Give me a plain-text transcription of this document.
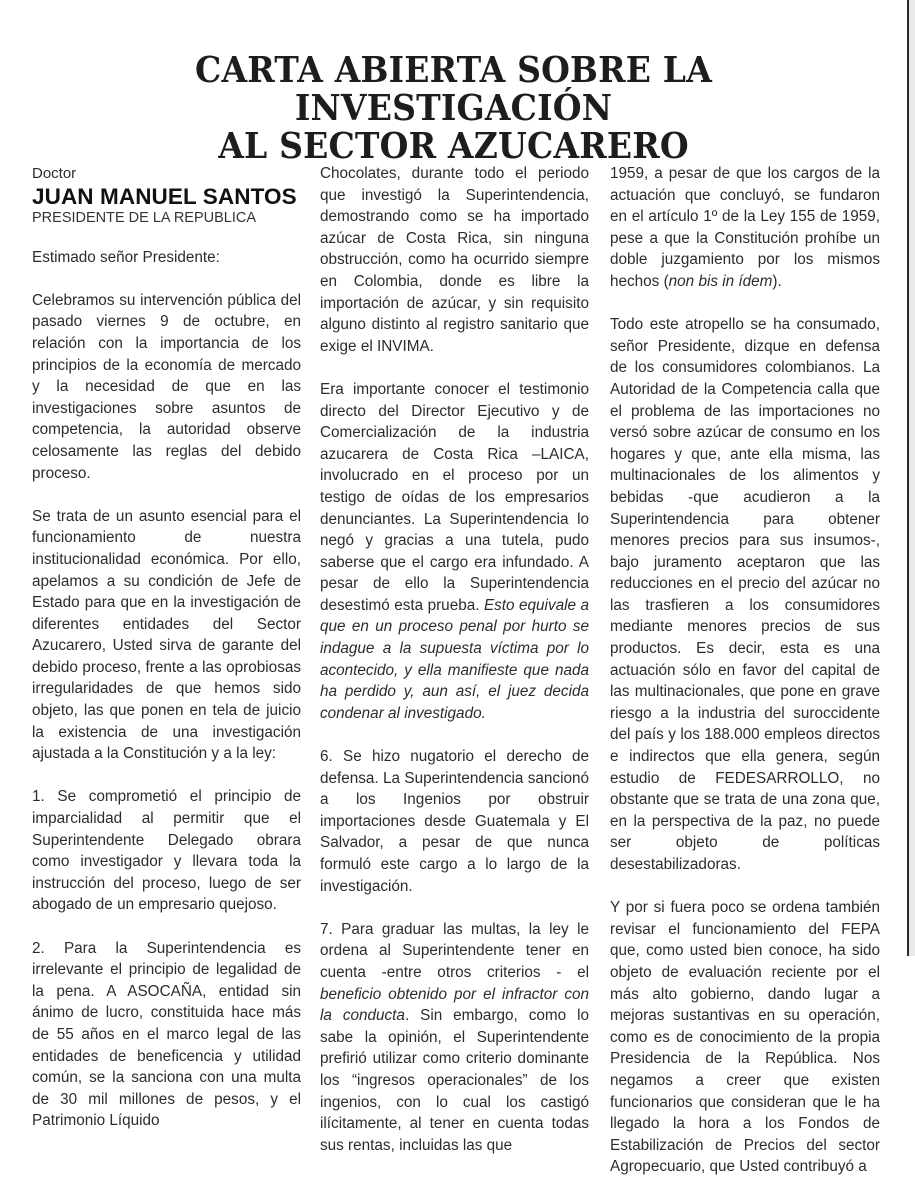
CARTA ABIERTA SOBRE LA INVESTIGACIÓN
AL SECTOR AZUCARERO
Doctor
JUAN MANUEL SANTOS
PRESIDENTE DE LA REPUBLICA

Estimado señor Presidente:

Celebramos su intervención pública del pasado viernes 9 de octubre, en relación con la importancia de los principios de la economía de mercado y la necesidad de que en las investigaciones sobre asuntos de competencia, la autoridad observe celosamente las reglas del debido proceso.

Se trata de un asunto esencial para el funcionamiento de nuestra institucionalidad económica. Por ello, apelamos a su condición de Jefe de Estado para que en la investigación de diferentes entidades del Sector Azucarero, Usted sirva de garante del debido proceso, frente a las oprobiosas irregularidades de que hemos sido objeto, las que ponen en tela de juicio la existencia de una investigación ajustada a la Constitución y a la ley:

1. Se comprometió el principio de imparcialidad al permitir que el Superintendente Delegado obrara como investigador y llevara toda la instrucción del proceso, luego de ser abogado de un empresario quejoso.

2. Para la Superintendencia es irrelevante el principio de legalidad de la pena. A ASOCAÑA, entidad sin ánimo de lucro, constituida hace más de 55 años en el marco legal de las entidades de beneficencia y utilidad común, se la sanciona con una multa de 30 mil millones de pesos, y el Patrimonio Líquido

Chocolates, durante todo el periodo que investigó la Superintendencia, demostrando como se ha importado azúcar de Costa Rica, sin ninguna obstrucción, como ha ocurrido siempre en Colombia, donde es libre la importación de azúcar, y sin requisito alguno distinto al registro sanitario que exige el INVIMA.

Era importante conocer el testimonio directo del Director Ejecutivo y de Comercialización de la industria azucarera de Costa Rica –LAICA, involucrado en el proceso por un testigo de oídas de los empresarios denunciantes. La Superintendencia lo negó y gracias a una tutela, pudo saberse que el cargo era infundado. A pesar de ello la Superintendencia desestimó esta prueba. Esto equivale a que en un proceso penal por hurto se indague a la supuesta víctima por lo acontecido, y ella manifieste que nada ha perdido y, aun así, el juez decida condenar al investigado.

6. Se hizo nugatorio el derecho de defensa. La Superintendencia sancionó a los Ingenios por obstruir importaciones desde Guatemala y El Salvador, a pesar de que nunca formuló este cargo a lo largo de la investigación.

7. Para graduar las multas, la ley le ordena al Superintendente tener en cuenta -entre otros criterios - el beneficio obtenido por el infractor con la conducta. Sin embargo, como lo sabe la opinión, el Superintendente prefirió utilizar como criterio dominante los “ingresos operacionales” de los ingenios, con lo cual los castigó ilícitamente, al tener en cuenta todas sus rentas, incluidas las que

1959, a pesar de que los cargos de la actuación que concluyó, se fundaron en el artículo 1º de la Ley 155 de 1959, pese a que la Constitución prohíbe un doble juzgamiento por los mismos hechos (non bis in ídem).

Todo este atropello se ha consumado, señor Presidente, dizque en defensa de los consumidores colombianos. La Autoridad de la Competencia calla que el problema de las importaciones no versó sobre azúcar de consumo en los hogares y que, ante ella misma, las multinacionales de los alimentos y bebidas -que acudieron a la Superintendencia para obtener menores precios para sus insumos-, bajo juramento aceptaron que las reducciones en el precio del azúcar no las trasfieren a los consumidores mediante menores precios de sus productos. Es decir, esta es una actuación sólo en favor del capital de las multinacionales, que pone en grave riesgo a la industria del suroccidente del país y los 188.000 empleos directos e indirectos que ella genera, según estudio de FEDESARROLLO, no obstante que se trata de una zona que, en la perspectiva de la paz, no puede ser objeto de políticas desestabilizadoras.

Y por si fuera poco se ordena también revisar el funcionamiento del FEPA que, como usted bien conoce, ha sido objeto de evaluación reciente por el más alto gobierno, dando lugar a mejoras sustantivas en su operación, como es de conocimiento de la propia Presidencia de la República. Nos negamos a creer que existen funcionarios que consideran que le ha llegado la hora a los Fondos de Estabilización de Precios del sector Agropecuario, que Usted contribuyó a
